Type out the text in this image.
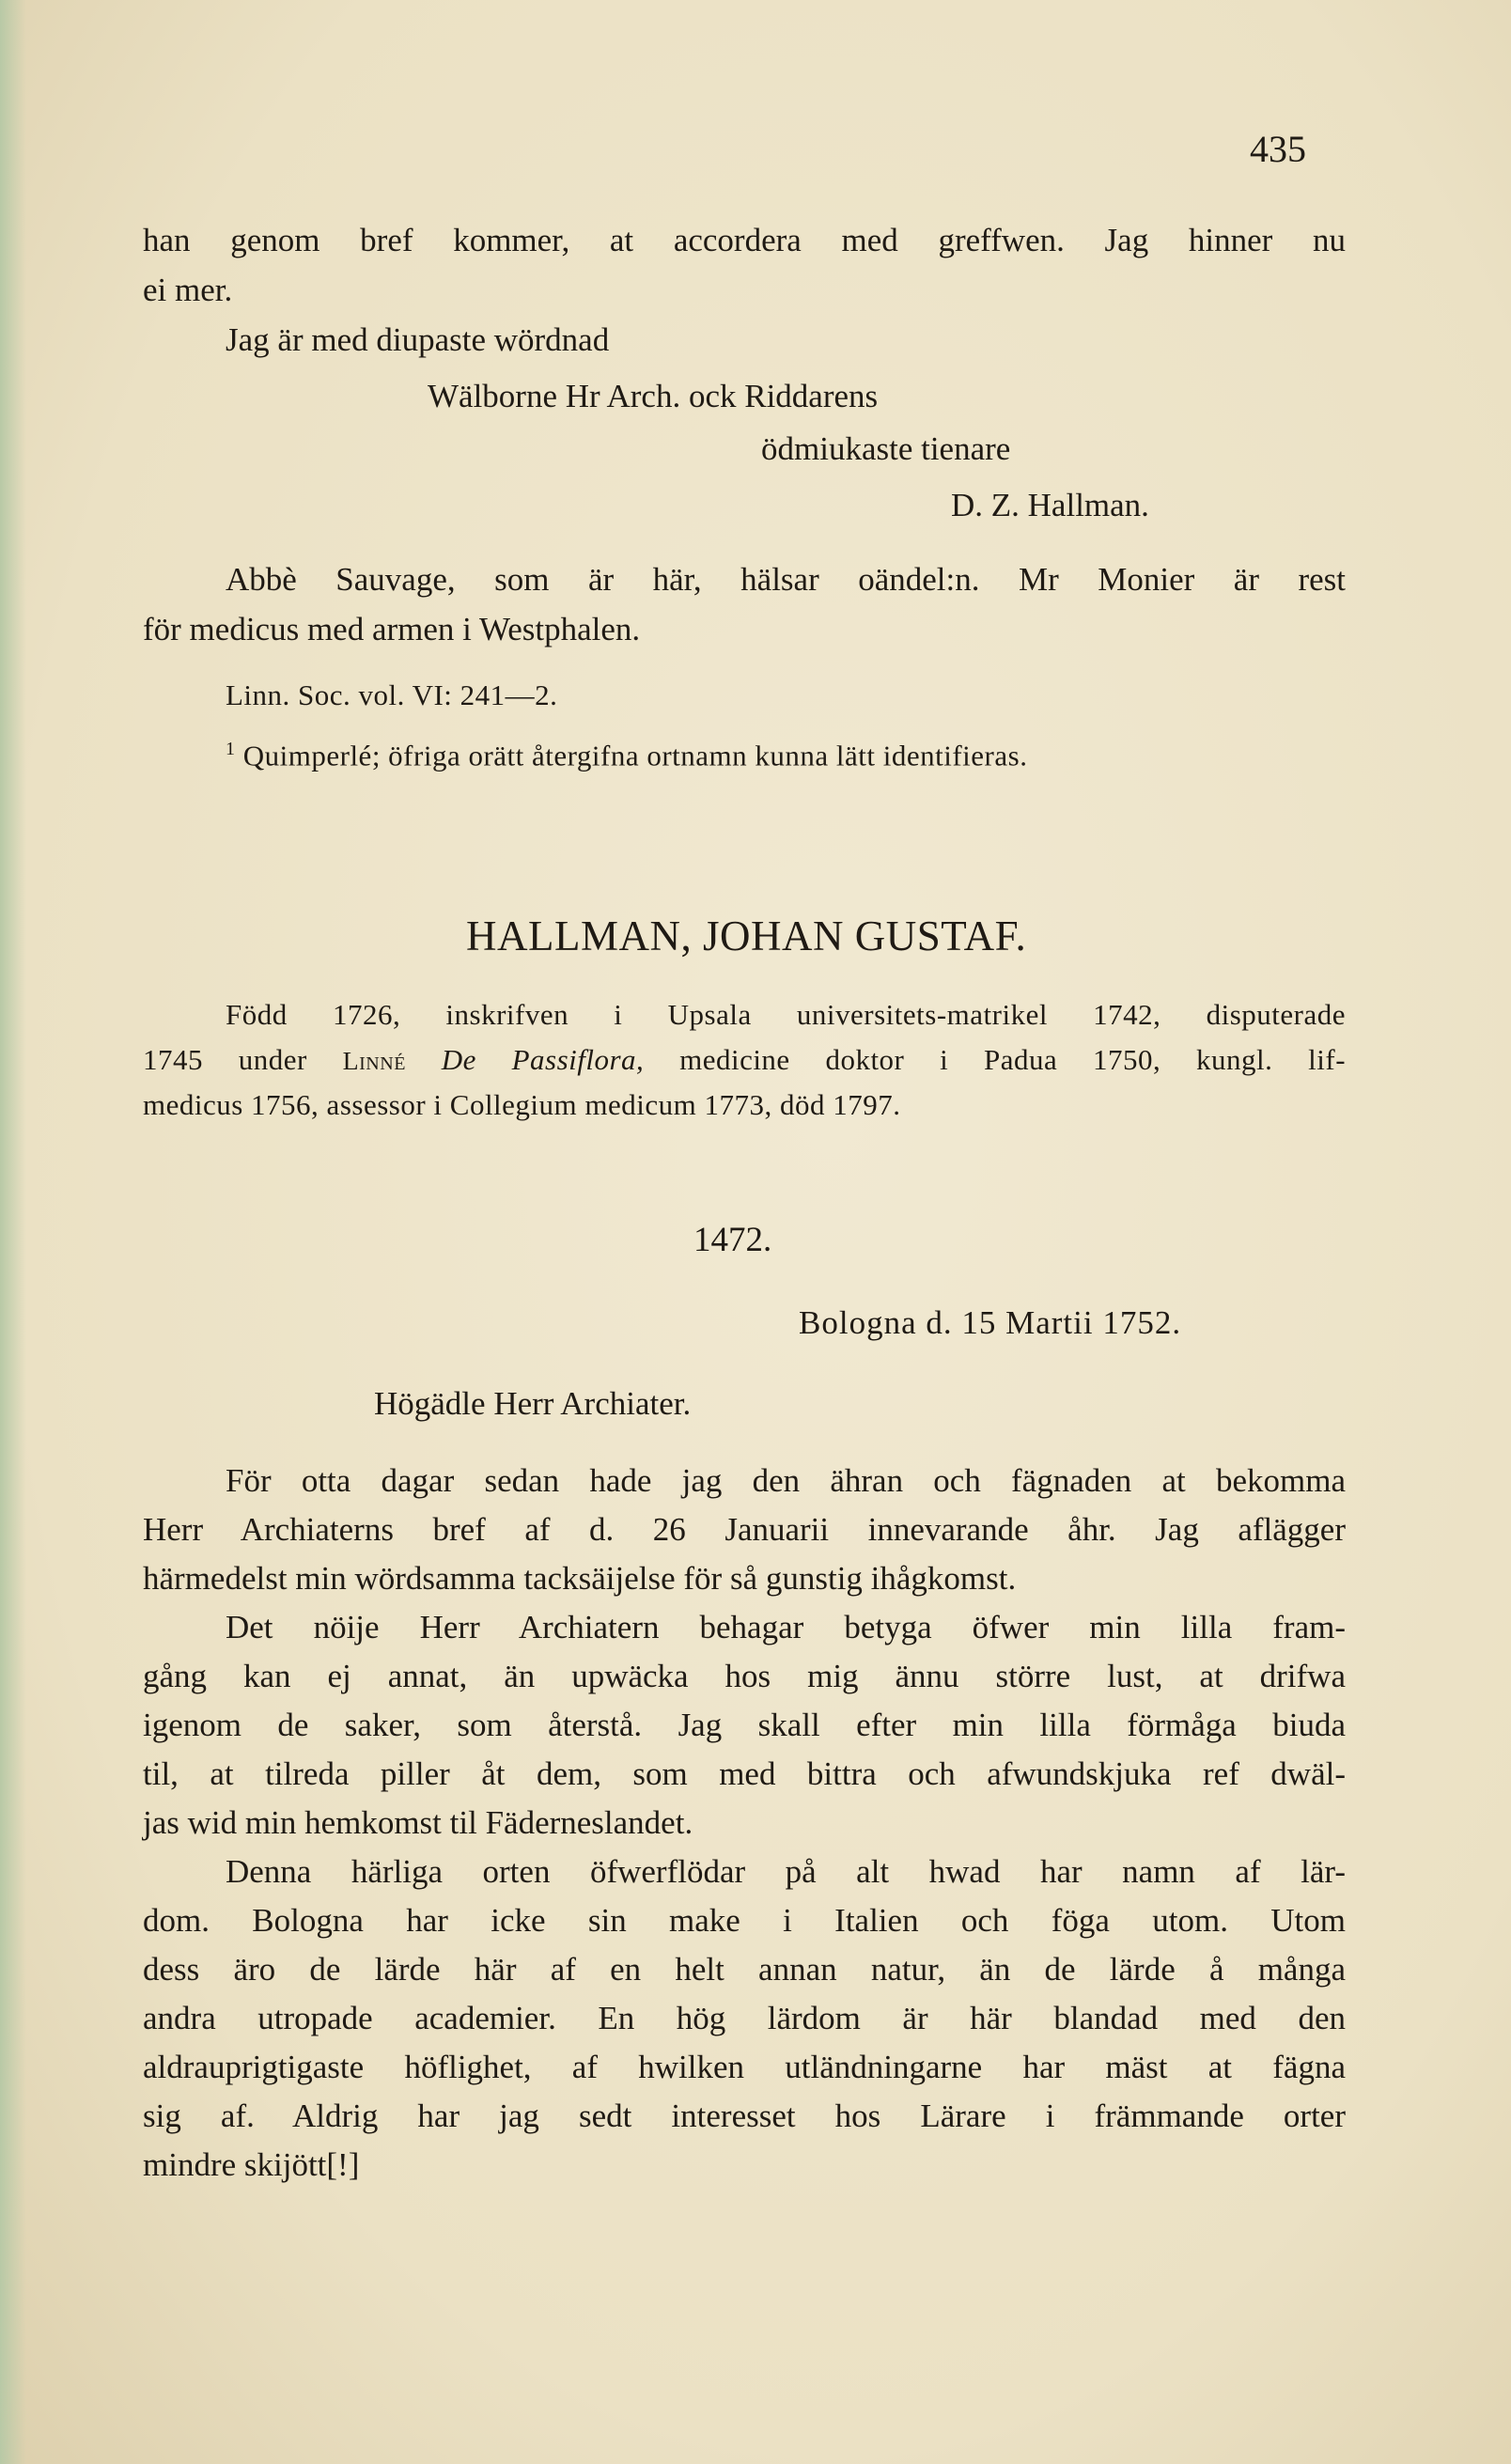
435
han genom bref kommer, at accordera med greffwen. Jag hinner nu
ei mer.
Jag är med diupaste wördnad
Wälborne Hr Arch. ock Riddarens
ödmiukaste tienare
D. Z. Hallman.
Abbè Sauvage, som är här, hälsar oändel:n. Mr Monier är rest
för medicus med armen i Westphalen.
Linn. Soc. vol. VI: 241—2.
$^1$ Quimperlé; öfriga orätt återgifna ortnamn kunna lätt identifieras.
HALLMAN, JOHAN GUSTAF.
Född 1726, inskrifven i Upsala universitets-matrikel 1742, disputerade
1745 under Linné De Passiflora, medicine doktor i Padua 1750, kungl. lif-
medicus 1756, assessor i Collegium medicum 1773, död 1797.
1472.
Bologna d. 15 Martii 1752.
Högädle Herr Archiater.
För otta dagar sedan hade jag den ähran och fägnaden at bekomma
Herr Archiaterns bref af d. 26 Januarii innevarande åhr. Jag aflägger
härmedelst min wördsamma tacksäijelse för så gunstig ihågkomst.
Det nöije Herr Archiatern behagar betyga öfwer min lilla fram-
gång kan ej annat, än upwäcka hos mig ännu större lust, at drifwa
igenom de saker, som återstå. Jag skall efter min lilla förmåga biuda
til, at tilreda piller åt dem, som med bittra och afwundskjuka ref dwäl-
jas wid min hemkomst til Fäderneslandet.
Denna härliga orten öfwerflödar på alt hwad har namn af lär-
dom. Bologna har icke sin make i Italien och föga utom. Utom
dess äro de lärde här af en helt annan natur, än de lärde å många
andra utropade academier. En hög lärdom är här blandad med den
aldrauprigtigaste höflighet, af hwilken utländningarne har mäst at fägna
sig af. Aldrig har jag sedt interesset hos Lärare i främmande orter
mindre skijött[!]
